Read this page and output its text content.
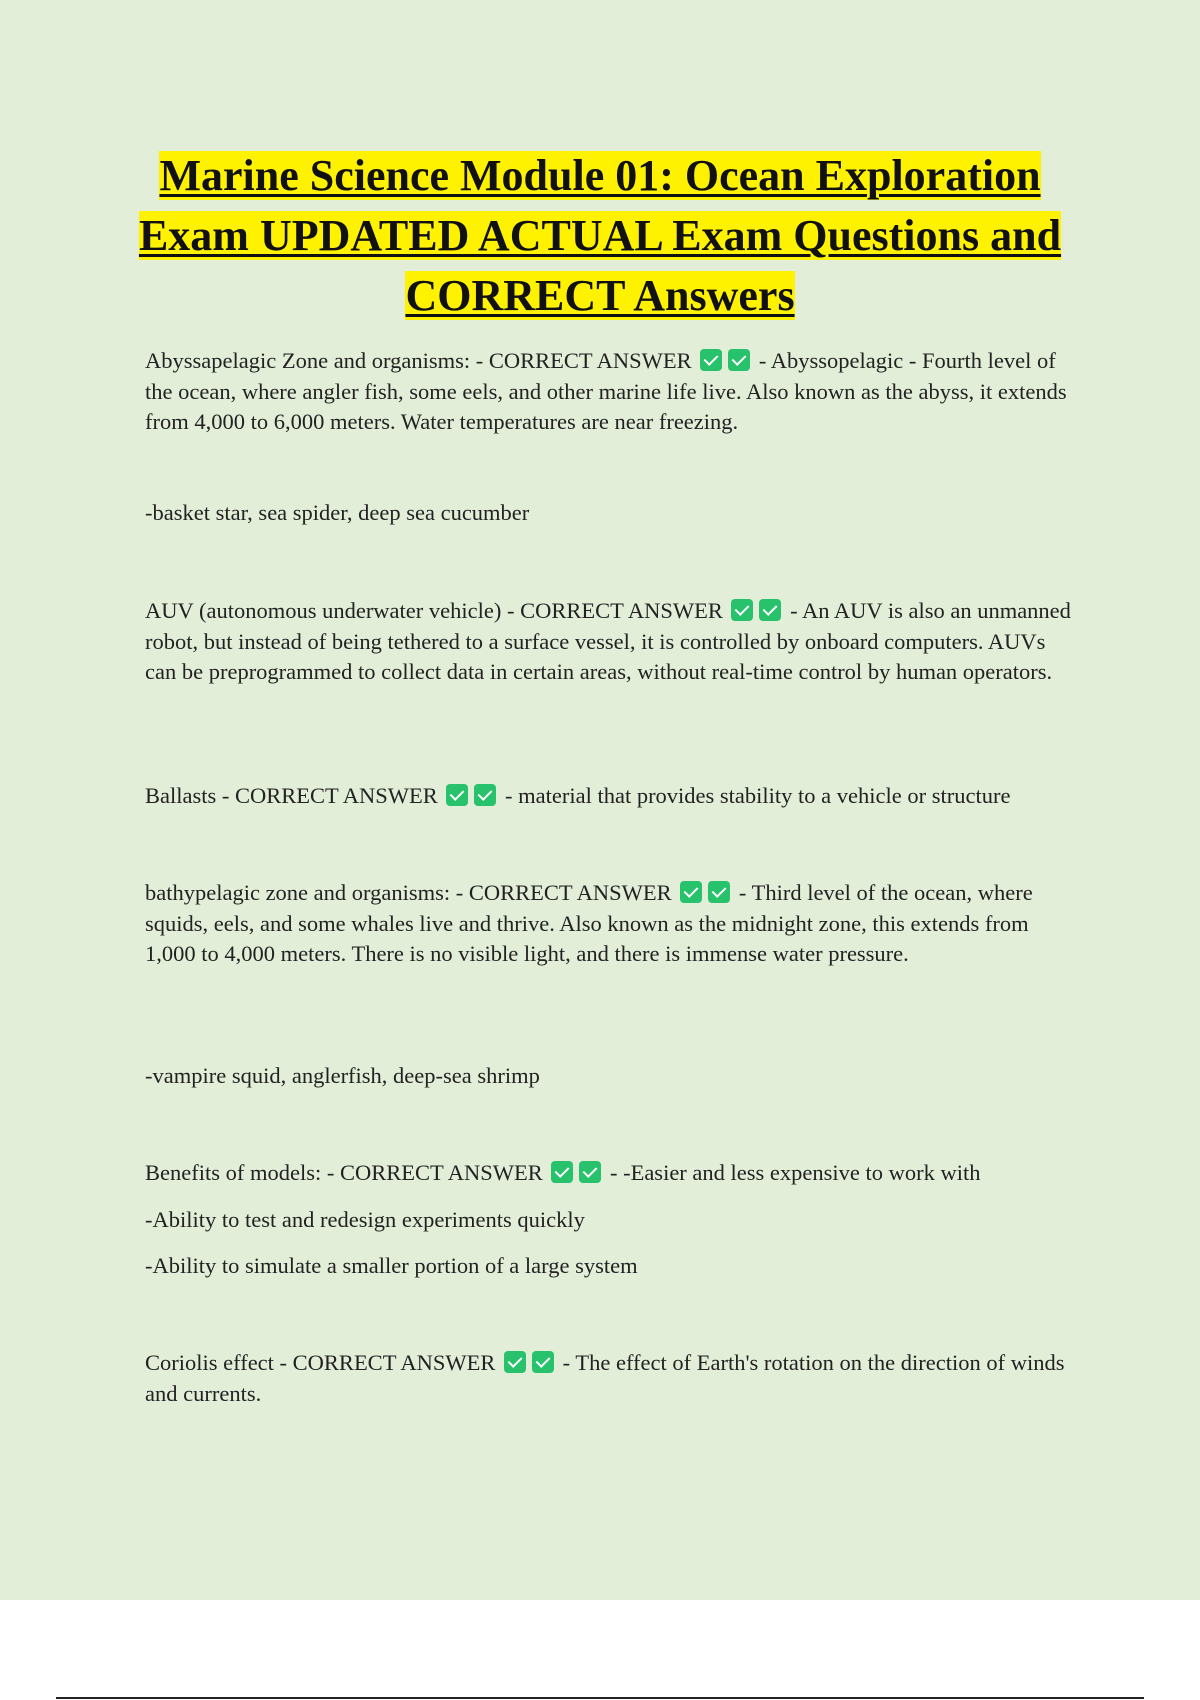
Marine Science Module 01: Ocean Exploration Exam UPDATED ACTUAL Exam Questions and CORRECT Answers

Abyssapelagic Zone and organisms: - CORRECT ANSWER	- Abyssopelagic - Fourth level of the ocean, where angler fish, some eels, and other marine life live. Also known as the abyss, it extends from 4,000 to 6,000 meters. Water temperatures are near freezing.

-basket star, sea spider, deep sea cucumber

AUV (autonomous underwater vehicle) - CORRECT ANSWER	- An AUV is also an unmanned robot, but instead of being tethered to a surface vessel, it is controlled by onboard computers. AUVs can be preprogrammed to collect data in certain areas, without real-time control by human operators.

Ballasts - CORRECT ANSWER	- material that provides stability to a vehicle or structure

bathypelagic zone and organisms: - CORRECT ANSWER	- Third level of the ocean, where squids, eels, and some whales live and thrive. Also known as the midnight zone, this extends from 1,000 to 4,000 meters. There is no visible light, and there is immense water pressure.

-vampire squid, anglerfish, deep-sea shrimp

Benefits of models: - CORRECT ANSWER	- -Easier and less expensive to work with

-Ability to test and redesign experiments quickly

-Ability to simulate a smaller portion of a large system

Coriolis effect - CORRECT ANSWER	- The effect of Earth's rotation on the direction of winds and currents.
